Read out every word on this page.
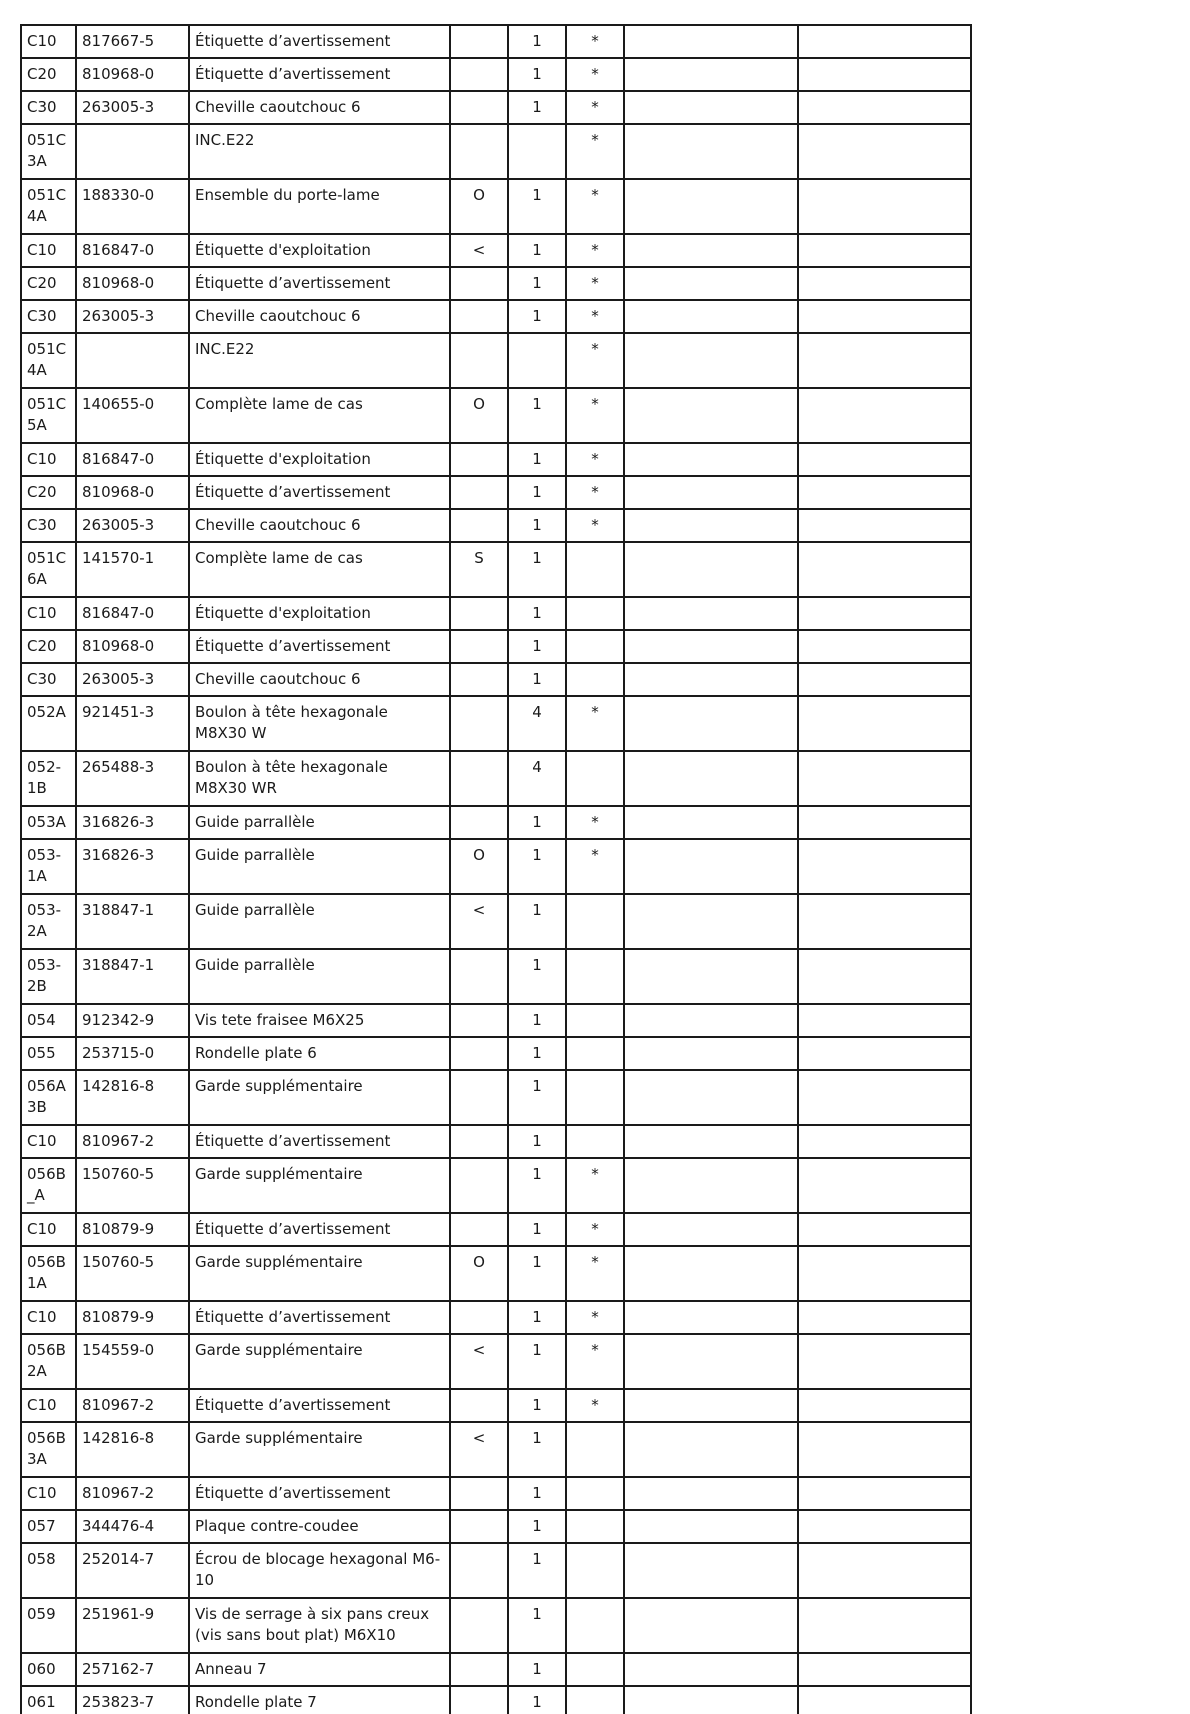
C10	817667-5	Étiquette d’avertissement		1	*		
C20	810968-0	Étiquette d’avertissement		1	*		
C30	263005-3	Cheville caoutchouc 6		1	*		
051C3A		INC.E22			*		
051C4A	188330-0	Ensemble du porte-lame	O	1	*		
C10	816847-0	Étiquette d'exploitation	<	1	*		
C20	810968-0	Étiquette d’avertissement		1	*		
C30	263005-3	Cheville caoutchouc 6		1	*		
051C4A		INC.E22			*		
051C5A	140655-0	Complète lame de cas	O	1	*		
C10	816847-0	Étiquette d'exploitation		1	*		
C20	810968-0	Étiquette d’avertissement		1	*		
C30	263005-3	Cheville caoutchouc 6		1	*		
051C6A	141570-1	Complète lame de cas	S	1			
C10	816847-0	Étiquette d'exploitation		1			
C20	810968-0	Étiquette d’avertissement		1			
C30	263005-3	Cheville caoutchouc 6		1			
052A	921451-3	Boulon à tête hexagonale M8X30 W		4	*		
052-1B	265488-3	Boulon à tête hexagonale M8X30 WR		4			
053A	316826-3	Guide parrallèle		1	*		
053-1A	316826-3	Guide parrallèle	O	1	*		
053-2A	318847-1	Guide parrallèle	<	1			
053-2B	318847-1	Guide parrallèle		1			
054	912342-9	Vis tete fraisee M6X25		1			
055	253715-0	Rondelle plate 6		1			
056A3B	142816-8	Garde supplémentaire		1			
C10	810967-2	Étiquette d’avertissement		1			
056B_A	150760-5	Garde supplémentaire		1	*		
C10	810879-9	Étiquette d’avertissement		1	*		
056B1A	150760-5	Garde supplémentaire	O	1	*		
C10	810879-9	Étiquette d’avertissement		1	*		
056B2A	154559-0	Garde supplémentaire	<	1	*		
C10	810967-2	Étiquette d’avertissement		1	*		
056B3A	142816-8	Garde supplémentaire	<	1			
C10	810967-2	Étiquette d’avertissement		1			
057	344476-4	Plaque contre-coudee		1			
058	252014-7	Écrou de blocage hexagonal M6-10		1			
059	251961-9	Vis de serrage à six pans creux (vis sans bout plat) M6X10		1			
060	257162-7	Anneau 7		1			
061	253823-7	Rondelle plate 7		1			
